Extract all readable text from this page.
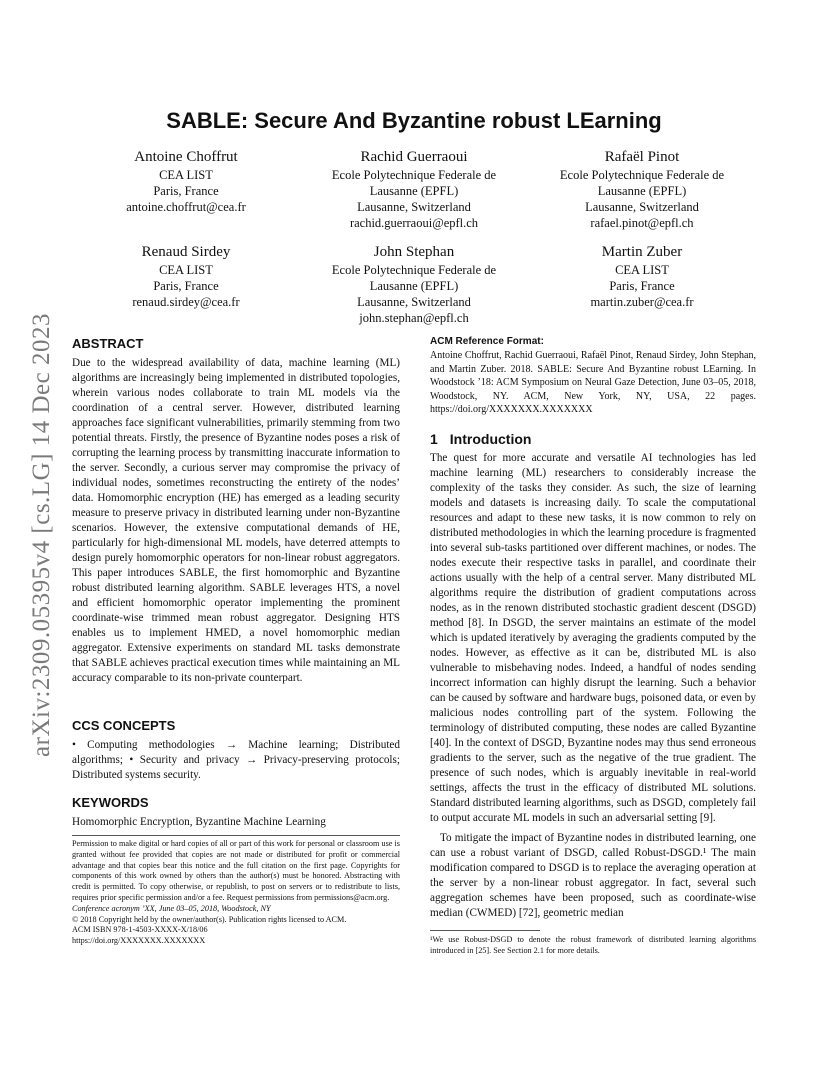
arXiv:2309.05395v4 [cs.LG] 14 Dec 2023
SABLE: Secure And Byzantine robust LEarning
Antoine Choffrut
CEA LIST
Paris, France
antoine.choffrut@cea.fr
Rachid Guerraoui
Ecole Polytechnique Federale de
Lausanne (EPFL)
Lausanne, Switzerland
rachid.guerraoui@epfl.ch
Rafaël Pinot
Ecole Polytechnique Federale de
Lausanne (EPFL)
Lausanne, Switzerland
rafael.pinot@epfl.ch
Renaud Sirdey
CEA LIST
Paris, France
renaud.sirdey@cea.fr
John Stephan
Ecole Polytechnique Federale de
Lausanne (EPFL)
Lausanne, Switzerland
john.stephan@epfl.ch
Martin Zuber
CEA LIST
Paris, France
martin.zuber@cea.fr
ABSTRACT

Due to the widespread availability of data, machine learning (ML) algorithms are increasingly being implemented in distributed topologies, wherein various nodes collaborate to train ML models via the coordination of a central server. However, distributed learning approaches face significant vulnerabilities, primarily stemming from two potential threats. Firstly, the presence of Byzantine nodes poses a risk of corrupting the learning process by transmitting inaccurate information to the server. Secondly, a curious server may compromise the privacy of individual nodes, sometimes reconstructing the entirety of the nodes’ data. Homomorphic encryption (HE) has emerged as a leading security measure to preserve privacy in distributed learning under non-Byzantine scenarios. However, the extensive computational demands of HE, particularly for high-dimensional ML models, have deterred attempts to design purely homomorphic operators for non-linear robust aggregators. This paper introduces SABLE, the first homomorphic and Byzantine robust distributed learning algorithm. SABLE leverages HTS, a novel and efficient homomorphic operator implementing the prominent coordinate-wise trimmed mean robust aggregator. Designing HTS enables us to implement HMED, a novel homomorphic median aggregator. Extensive experiments on standard ML tasks demonstrate that SABLE achieves practical execution times while maintaining an ML accuracy comparable to its non-private counterpart.

CCS CONCEPTS

• Computing methodologies → Machine learning; Distributed algorithms; • Security and privacy → Privacy-preserving protocols; Distributed systems security.

KEYWORDS

Homomorphic Encryption, Byzantine Machine Learning

Permission to make digital or hard copies of all or part of this work for personal or classroom use is granted without fee provided that copies are not made or distributed for profit or commercial advantage and that copies bear this notice and the full citation on the first page. Copyrights for components of this work owned by others than the author(s) must be honored. Abstracting with credit is permitted. To copy otherwise, or republish, to post on servers or to redistribute to lists, requires prior specific permission and/or a fee. Request permissions from permissions@acm.org.
Conference acronym ’XX, June 03–05, 2018, Woodstock, NY
© 2018 Copyright held by the owner/author(s). Publication rights licensed to ACM.
ACM ISBN 978-1-4503-XXXX-X/18/06
https://doi.org/XXXXXXX.XXXXXXX
ACM Reference Format:

Antoine Choffrut, Rachid Guerraoui, Rafaël Pinot, Renaud Sirdey, John Stephan, and Martin Zuber. 2018. SABLE: Secure And Byzantine robust LEarning. In Woodstock ’18: ACM Symposium on Neural Gaze Detection, June 03–05, 2018, Woodstock, NY. ACM, New York, NY, USA, 22 pages. https://doi.org/XXXXXXX.XXXXXXX

1 Introduction

The quest for more accurate and versatile AI technologies has led machine learning (ML) researchers to considerably increase the complexity of the tasks they consider. As such, the size of learning models and datasets is increasing daily. To scale the computational resources and adapt to these new tasks, it is now common to rely on distributed methodologies in which the learning procedure is fragmented into several sub-tasks partitioned over different machines, or nodes. The nodes execute their respective tasks in parallel, and coordinate their actions usually with the help of a central server. Many distributed ML algorithms require the distribution of gradient computations across nodes, as in the renown distributed stochastic gradient descent (DSGD) method [8]. In DSGD, the server maintains an estimate of the model which is updated iteratively by averaging the gradients computed by the nodes. However, as effective as it can be, distributed ML is also vulnerable to misbehaving nodes. Indeed, a handful of nodes sending incorrect information can highly disrupt the learning. Such a behavior can be caused by software and hardware bugs, poisoned data, or even by malicious nodes controlling part of the system. Following the terminology of distributed computing, these nodes are called Byzantine [40]. In the context of DSGD, Byzantine nodes may thus send erroneous gradients to the server, such as the negative of the true gradient. The presence of such nodes, which is arguably inevitable in real-world settings, affects the trust in the efficacy of distributed ML solutions. Standard distributed learning algorithms, such as DSGD, completely fail to output accurate ML models in such an adversarial setting [9].

To mitigate the impact of Byzantine nodes in distributed learning, one can use a robust variant of DSGD, called Robust-DSGD.¹ The main modification compared to DSGD is to replace the averaging operation at the server by a non-linear robust aggregator. In fact, several such aggregation schemes have been proposed, such as coordinate-wise median (CWMED) [72], geometric median

¹We use Robust-DSGD to denote the robust framework of distributed learning algorithms introduced in [25]. See Section 2.1 for more details.
